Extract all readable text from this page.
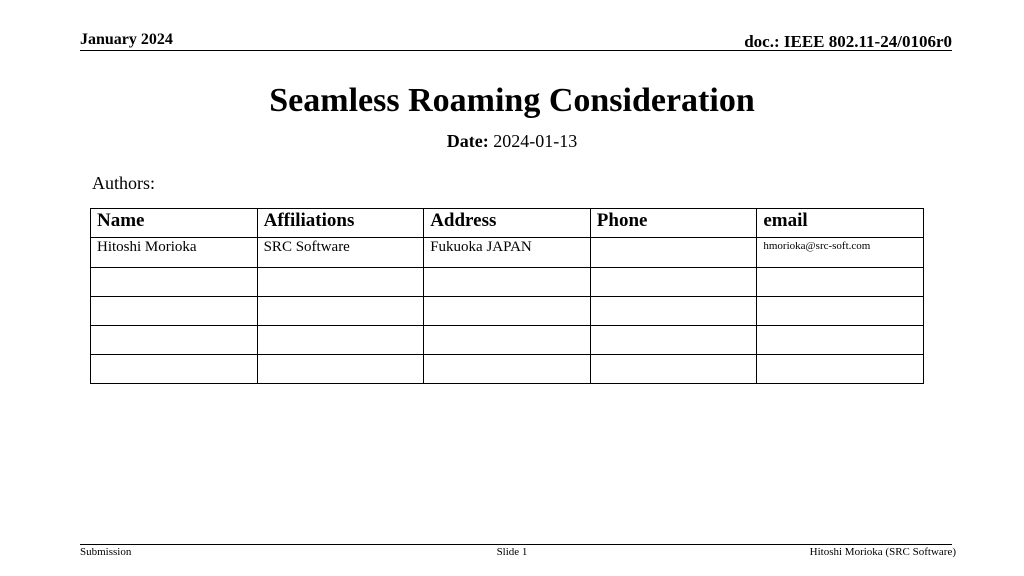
January 2024	doc.: IEEE 802.11-24/0106r0
Seamless Roaming Consideration
Date: 2024-01-13
Authors:
Name	Affiliations	Address	Phone	email
Hitoshi Morioka	SRC Software	Fukuoka JAPAN		hmorioka@src-soft.com

Submission	Slide 1	Hitoshi Morioka (SRC Software)
